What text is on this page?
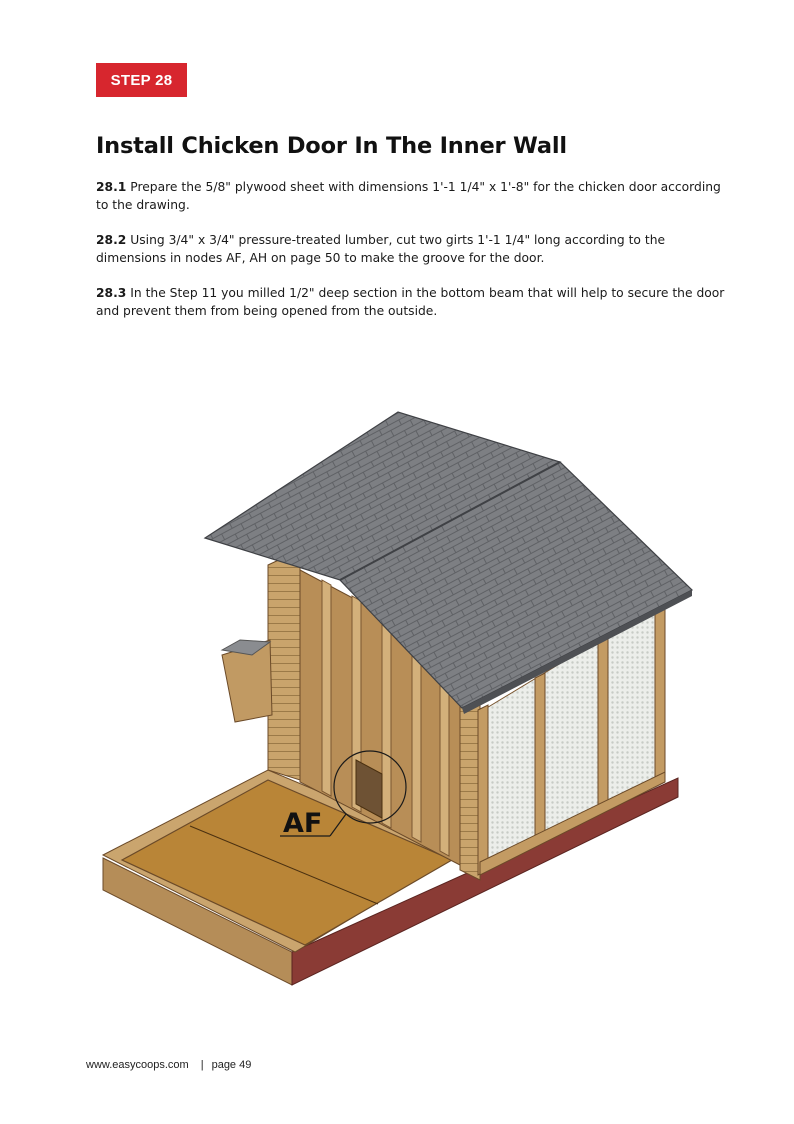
STEP 28
Install Chicken Door In The Inner Wall

28.1 Prepare the 5/8" plywood sheet with dimensions 1'-1 1/4" x 1'-8" for the chicken door according to the drawing.

28.2 Using 3/4" x 3/4" pressure-treated lumber, cut two girts 1'-1 1/4" long according to the dimensions in nodes AF, AH on page 50 to make the groove for the door.

28.3 In the Step 11 you milled 1/2" deep section in the bottom beam that will help to secure the door and prevent them from being opened from the outside.

AF
www.easycoops.com | page 49
